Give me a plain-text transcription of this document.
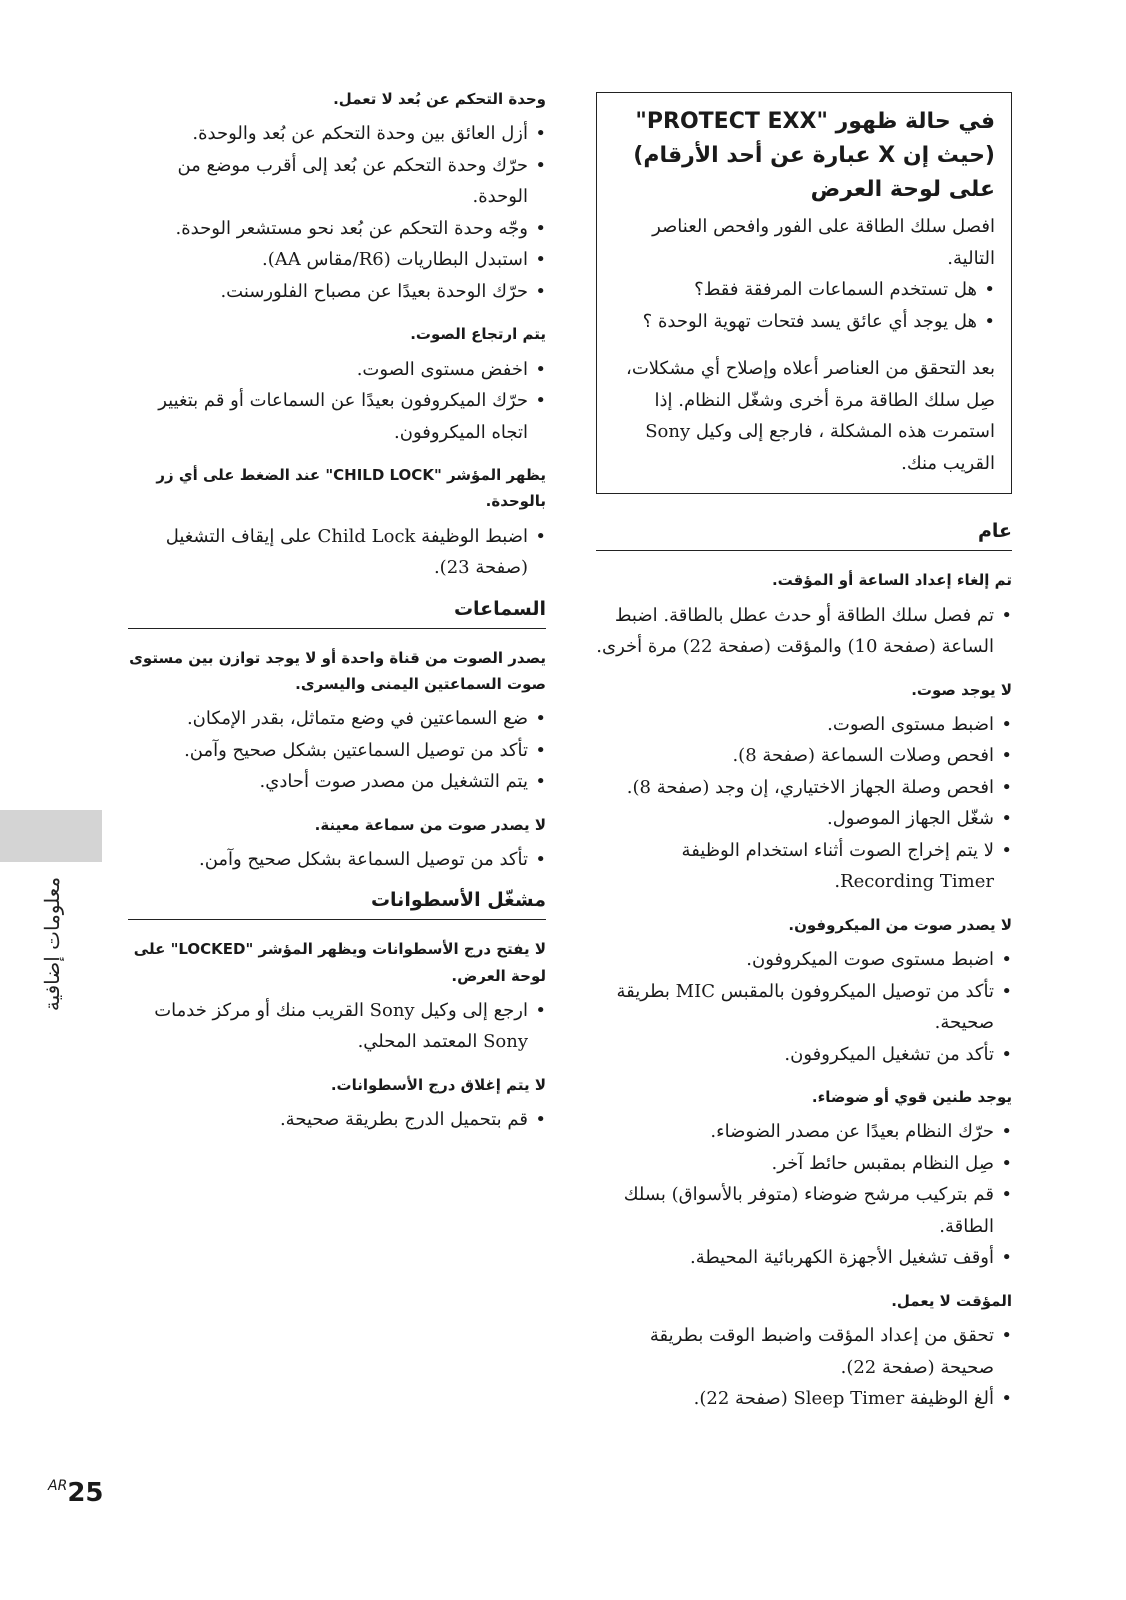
في حالة ظهور "PROTECT EXX" (حيث إن X عبارة عن أحد الأرقام) على لوحة العرض

افصل سلك الطاقة على الفور وافحص العناصر التالية.

• هل تستخدم السماعات المرفقة فقط؟
• هل يوجد أي عائق يسد فتحات تهوية الوحدة ؟

بعد التحقق من العناصر أعلاه وإصلاح أي مشكلات، صِل سلك الطاقة مرة أخرى وشغّل النظام. إذا استمرت هذه المشكلة ، فارجع إلى وكيل Sony القريب منك.

عام
تم إلغاء إعداد الساعة أو المؤقت.
• تم فصل سلك الطاقة أو حدث عطل بالطاقة. اضبط الساعة (صفحة 10) والمؤقت (صفحة 22) مرة أخرى.
لا يوجد صوت.
• اضبط مستوى الصوت.
• افحص وصلات السماعة (صفحة 8).
• افحص وصلة الجهاز الاختياري، إن وجد (صفحة 8).
• شغّل الجهاز الموصول.
• لا يتم إخراج الصوت أثناء استخدام الوظيفة Recording Timer.
لا يصدر صوت من الميكروفون.
• اضبط مستوى صوت الميكروفون.
• تأكد من توصيل الميكروفون بالمقبس MIC بطريقة صحيحة.
• تأكد من تشغيل الميكروفون.
يوجد طنين قوي أو ضوضاء.
• حرّك النظام بعيدًا عن مصدر الضوضاء.
• صِل النظام بمقبس حائط آخر.
• قم بتركيب مرشح ضوضاء (متوفر بالأسواق) بسلك الطاقة.
• أوقف تشغيل الأجهزة الكهربائية المحيطة.
المؤقت لا يعمل.
• تحقق من إعداد المؤقت واضبط الوقت بطريقة صحيحة (صفحة 22).
• ألغ الوظيفة Sleep Timer (صفحة 22).
وحدة التحكم عن بُعد لا تعمل.
• أزل العائق بين وحدة التحكم عن بُعد والوحدة.
• حرّك وحدة التحكم عن بُعد إلى أقرب موضع من الوحدة.
• وجّه وحدة التحكم عن بُعد نحو مستشعر الوحدة.
• استبدل البطاريات (R6/مقاس AA).
• حرّك الوحدة بعيدًا عن مصباح الفلورسنت.
يتم ارتجاع الصوت.
• اخفض مستوى الصوت.
• حرّك الميكروفون بعيدًا عن السماعات أو قم بتغيير اتجاه الميكروفون.
يظهر المؤشر "CHILD LOCK" عند الضغط على أي زر بالوحدة.
• اضبط الوظيفة Child Lock على إيقاف التشغيل (صفحة 23).
السماعات
يصدر الصوت من قناة واحدة أو لا يوجد توازن بين مستوى صوت السماعتين اليمنى واليسرى.
• ضع السماعتين في وضع متماثل، بقدر الإمكان.
• تأكد من توصيل السماعتين بشكل صحيح وآمن.
• يتم التشغيل من مصدر صوت أحادي.
لا يصدر صوت من سماعة معينة.
• تأكد من توصيل السماعة بشكل صحيح وآمن.
مشغّل الأسطوانات
لا يفتح درج الأسطوانات ويظهر المؤشر "LOCKED" على لوحة العرض.
• ارجع إلى وكيل Sony القريب منك أو مركز خدمات Sony المعتمد المحلي.
لا يتم إغلاق درج الأسطوانات.
• قم بتحميل الدرج بطريقة صحيحة.
معلومات إضافية
$^{AR}$25
